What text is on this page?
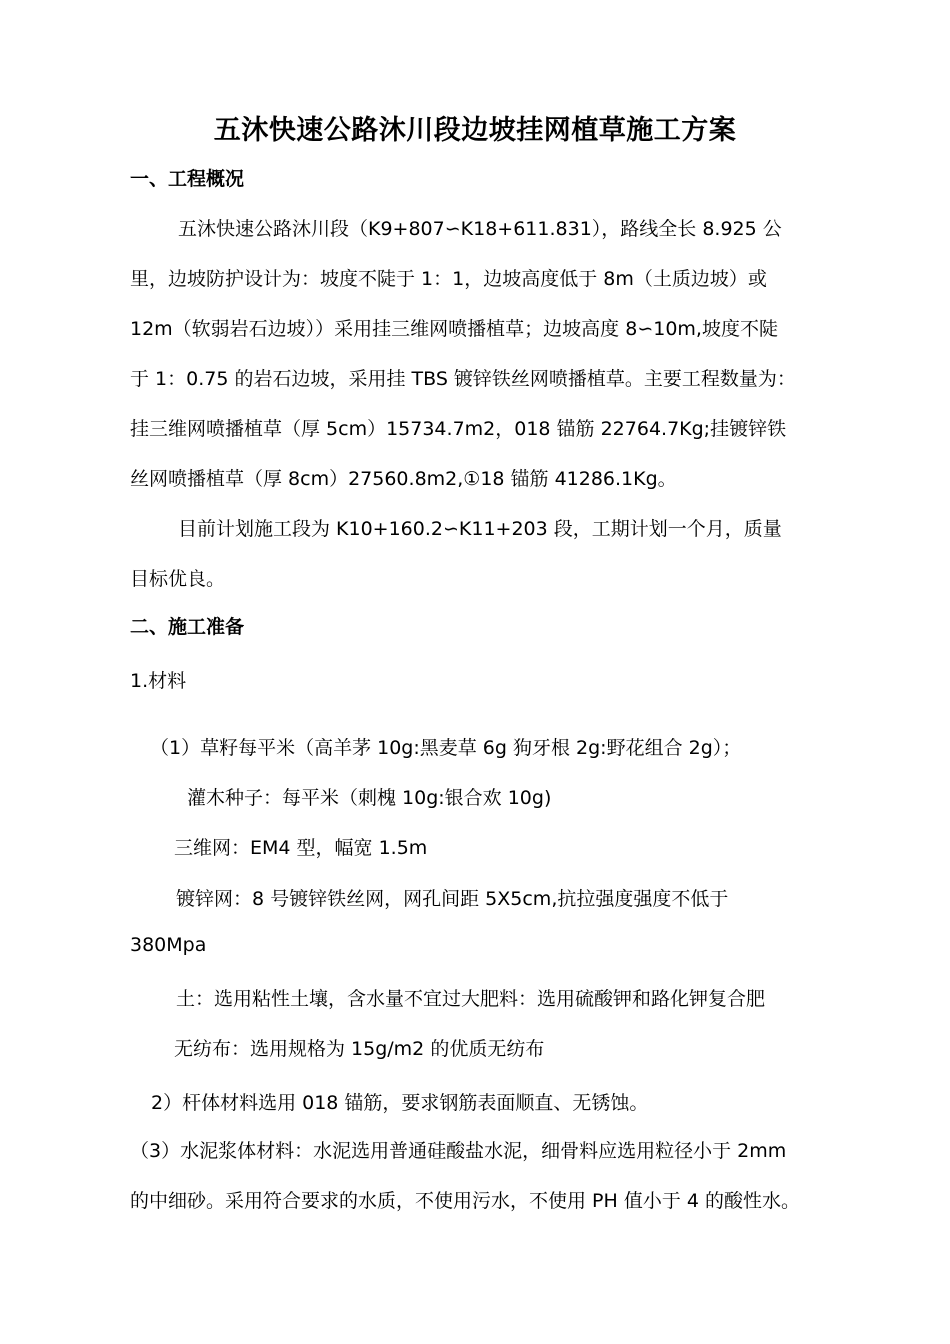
五沐快速公路沐川段边坡挂网植草施工方案
一、工程概况
五沐快速公路沐川段（K9+807∽K18+611.831），路线全长 8.925 公
里，边坡防护设计为：坡度不陡于 1：1，边坡高度低于 8m（土质边坡）或
12m（软弱岩石边坡））采用挂三维网喷播植草；边坡高度 8∽10m,坡度不陡
于 1：0.75 的岩石边坡，采用挂 TBS 镀锌铁丝网喷播植草。主要工程数量为：
挂三维网喷播植草（厚 5cm）15734.7m2，018 锚筋 22764.7Kg;挂镀锌铁
丝网喷播植草（厚 8cm）27560.8m2,①18 锚筋 41286.1Kg。
目前计划施工段为 K10+160.2∽K11+203 段，工期计划一个月，质量
目标优良。
二、施工准备
1.材料
（1）草籽每平米（高羊茅 10g:黑麦草 6g 狗牙根 2g:野花组合 2g）；
灌木种子：每平米（刺槐 10g:银合欢 10g)
三维网：EM4 型，幅宽 1.5m
镀锌网：8 号镀锌铁丝网，网孔间距 5X5cm,抗拉强度强度不低于
380Mpa
土：选用粘性土壤，含水量不宜过大肥料：选用硫酸钾和路化钾复合肥
无纺布：选用规格为 15g/m2 的优质无纺布
2）杆体材料选用 018 锚筋，要求钢筋表面顺直、无锈蚀。
（3）水泥浆体材料：水泥选用普通硅酸盐水泥，细骨料应选用粒径小于 2mm
的中细砂。采用符合要求的水质，不使用污水，不使用 PH 值小于 4 的酸性水。
